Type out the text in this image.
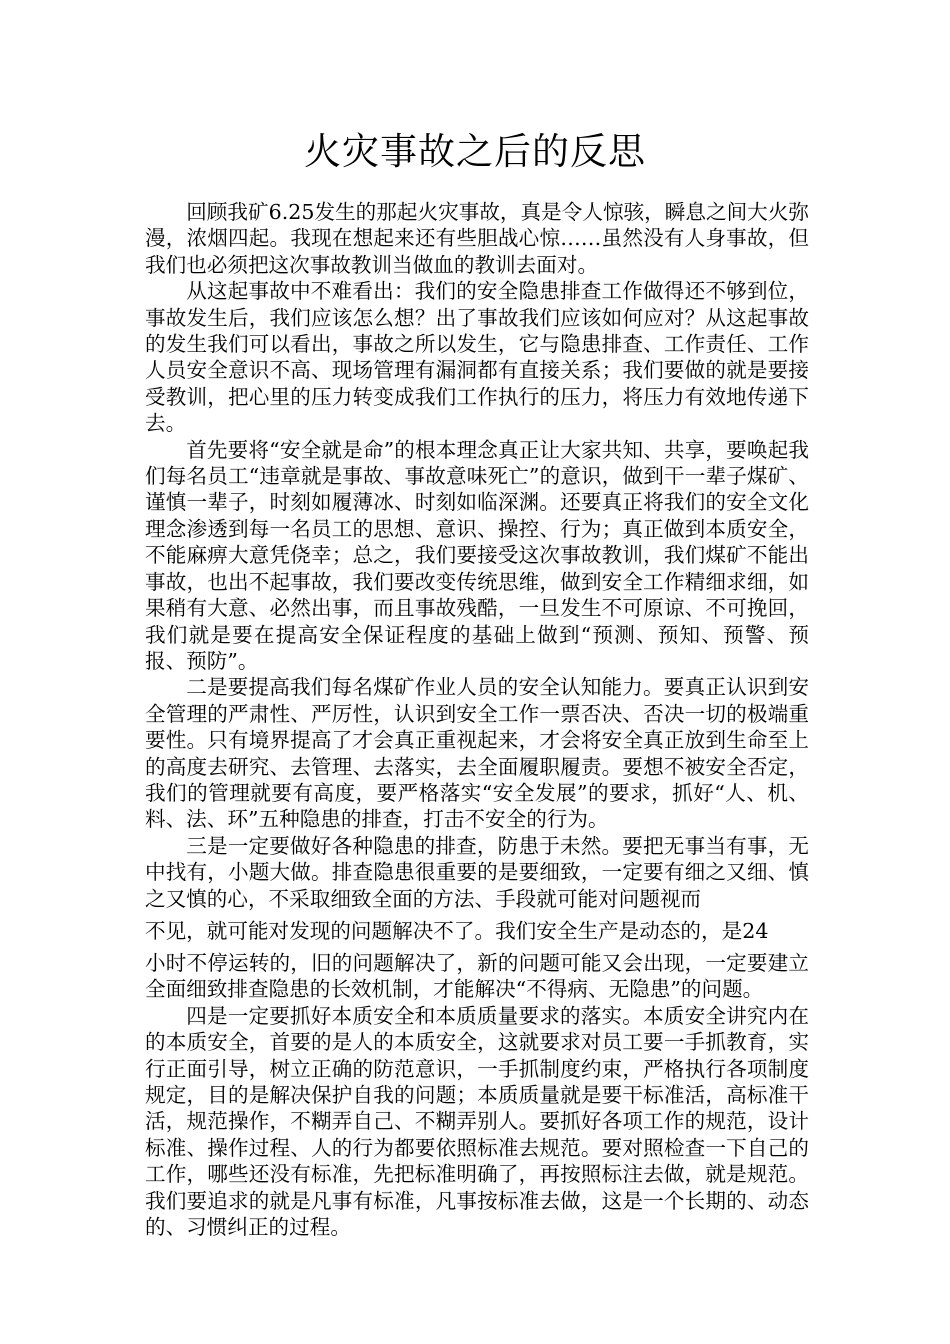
火灾事故之后的反思

回顾我矿6.25发生的那起火灾事故，真是令人惊骇，瞬息之间大火弥漫，浓烟四起。我现在想起来还有些胆战心惊……虽然没有人身事故，但我们也必须把这次事故教训当做血的教训去面对。

从这起事故中不难看出：我们的安全隐患排查工作做得还不够到位，事故发生后，我们应该怎么想？出了事故我们应该如何应对？从这起事故的发生我们可以看出，事故之所以发生，它与隐患排查、工作责任、工作人员安全意识不高、现场管理有漏洞都有直接关系；我们要做的就是要接受教训，把心里的压力转变成我们工作执行的压力，将压力有效地传递下去。

首先要将“安全就是命”的根本理念真正让大家共知、共享，要唤起我们每名员工“违章就是事故、事故意味死亡”的意识，做到干一辈子煤矿、谨慎一辈子，时刻如履薄冰、时刻如临深渊。还要真正将我们的安全文化理念渗透到每一名员工的思想、意识、操控、行为；真正做到本质安全，不能麻痹大意凭侥幸；总之，我们要接受这次事故教训，我们煤矿不能出事故，也出不起事故，我们要改变传统思维，做到安全工作精细求细，如果稍有大意、必然出事，而且事故残酷，一旦发生不可原谅、不可挽回，我们就是要在提高安全保证程度的基础上做到“预测、预知、预警、预报、预防”。

二是要提高我们每名煤矿作业人员的安全认知能力。要真正认识到安全管理的严肃性、严厉性，认识到安全工作一票否决、否决一切的极端重要性。只有境界提高了才会真正重视起来，才会将安全真正放到生命至上的高度去研究、去管理、去落实，去全面履职履责。要想不被安全否定，我们的管理就要有高度，要严格落实“安全发展”的要求，抓好“人、机、料、法、环”五种隐患的排查，打击不安全的行为。

三是一定要做好各种隐患的排查，防患于未然。要把无事当有事，无中找有，小题大做。排查隐患很重要的是要细致，一定要有细之又细、慎之又慎的心，不采取细致全面的方法、手段就可能对问题视而

不见，就可能对发现的问题解决不了。我们安全生产是动态的，是24

小时不停运转的，旧的问题解决了，新的问题可能又会出现，一定要建立全面细致排查隐患的长效机制，才能解决“不得病、无隐患”的问题。

四是一定要抓好本质安全和本质质量要求的落实。本质安全讲究内在的本质安全，首要的是人的本质安全，这就要求对员工要一手抓教育，实行正面引导，树立正确的防范意识，一手抓制度约束，严格执行各项制度规定，目的是解决保护自我的问题；本质质量就是要干标准活，高标准干活，规范操作，不糊弄自己、不糊弄别人。要抓好各项工作的规范，设计标准、操作过程、人的行为都要依照标准去规范。要对照检查一下自己的工作，哪些还没有标准，先把标准明确了，再按照标注去做，就是规范。我们要追求的就是凡事有标准，凡事按标准去做，这是一个长期的、动态的、习惯纠正的过程。
